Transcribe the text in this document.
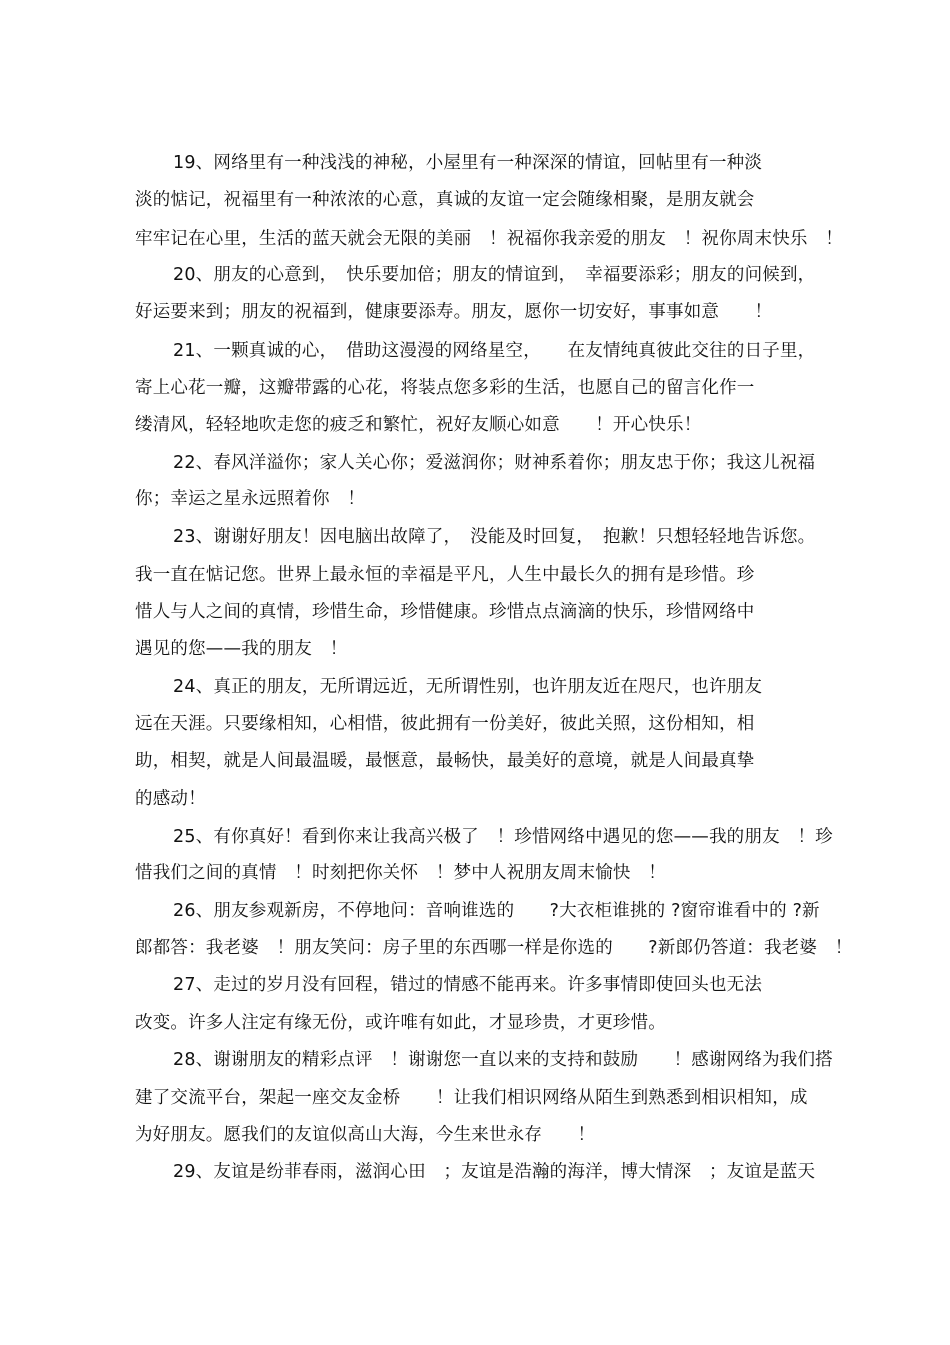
19、网络里有一种浅浅的神秘，小屋里有一种深深的情谊，回帖里有一种淡
淡的惦记，祝福里有一种浓浓的心意，真诚的友谊一定会随缘相聚，是朋友就会
牢牢记在心里，生活的蓝天就会无限的美丽　！祝福你我亲爱的朋友　！祝你周末快乐　！
20、朋友的心意到，　快乐要加倍；朋友的情谊到，　幸福要添彩；朋友的问候到，
好运要来到；朋友的祝福到，健康要添寿。朋友，愿你一切安好，事事如意　　！
21、一颗真诚的心，　借助这漫漫的网络星空，　　在友情纯真彼此交往的日子里，
寄上心花一瓣，这瓣带露的心花，将装点您多彩的生活，也愿自己的留言化作一
缕清风，轻轻地吹走您的疲乏和繁忙，祝好友顺心如意　　！开心快乐！
22、春风洋溢你；家人关心你；爱滋润你；财神系着你；朋友忠于你；我这儿祝福
你；幸运之星永远照着你　！
23、谢谢好朋友！因电脑出故障了，　没能及时回复，　抱歉！只想轻轻地告诉您。
我一直在惦记您。世界上最永恒的幸福是平凡，人生中最长久的拥有是珍惜。珍
惜人与人之间的真情，珍惜生命，珍惜健康。珍惜点点滴滴的快乐，珍惜网络中
遇见的您——我的朋友　！
24、真正的朋友，无所谓远近，无所谓性别，也许朋友近在咫尺，也许朋友
远在天涯。只要缘相知，心相惜，彼此拥有一份美好，彼此关照，这份相知，相
助，相契，就是人间最温暖，最惬意，最畅快，最美好的意境，就是人间最真挚
的感动！
25、有你真好！看到你来让我高兴极了　！珍惜网络中遇见的您——我的朋友　！珍
惜我们之间的真情　！时刻把你关怀　！梦中人祝朋友周末愉快　！
26、朋友参观新房，不停地问：音响谁选的　　?大衣柜谁挑的 ?窗帘谁看中的 ?新
郎都答：我老婆　！朋友笑问：房子里的东西哪一样是你选的　　?新郎仍答道：我老婆　！
27、走过的岁月没有回程，错过的情感不能再来。许多事情即使回头也无法
改变。许多人注定有缘无份，或许唯有如此，才显珍贵，才更珍惜。
28、谢谢朋友的精彩点评　！谢谢您一直以来的支持和鼓励　　！感谢网络为我们搭
建了交流平台，架起一座交友金桥　　！让我们相识网络从陌生到熟悉到相识相知，成
为好朋友。愿我们的友谊似高山大海，今生来世永存　　！
29、友谊是纷菲春雨，滋润心田　；友谊是浩瀚的海洋，博大情深　；友谊是蓝天
